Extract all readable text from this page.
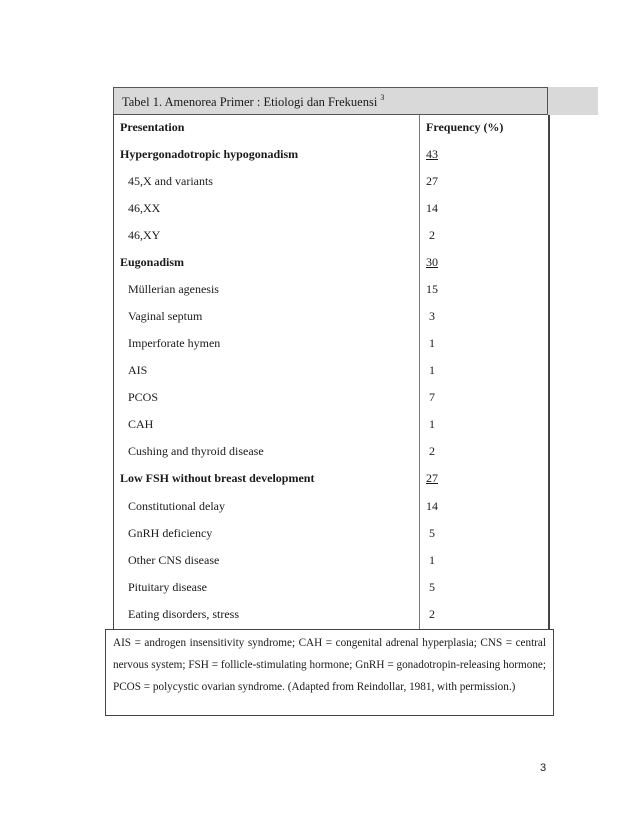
Tabel 1. Amenorea Primer : Etiologi dan Frekuensi $^3$
Presentation	Frequency (%)
Hypergonadotropic hypogonadism	43
45,X and variants	27
46,XX	14
46,XY	2
Eugonadism	30
Müllerian agenesis	15
Vaginal septum	3
Imperforate hymen	1
AIS	1
PCOS	7
CAH	1
Cushing and thyroid disease	2
Low FSH without breast development	27
Constitutional delay	14
GnRH deficiency	5
Other CNS disease	1
Pituitary disease	5
Eating disorders, stress	2

AIS = androgen insensitivity syndrome; CAH = congenital adrenal hyperplasia; CNS = central nervous system; FSH = follicle-stimulating hormone; GnRH = gonadotropin-releasing hormone; PCOS = polycystic ovarian syndrome. (Adapted from Reindollar, 1981, with permission.)

3
